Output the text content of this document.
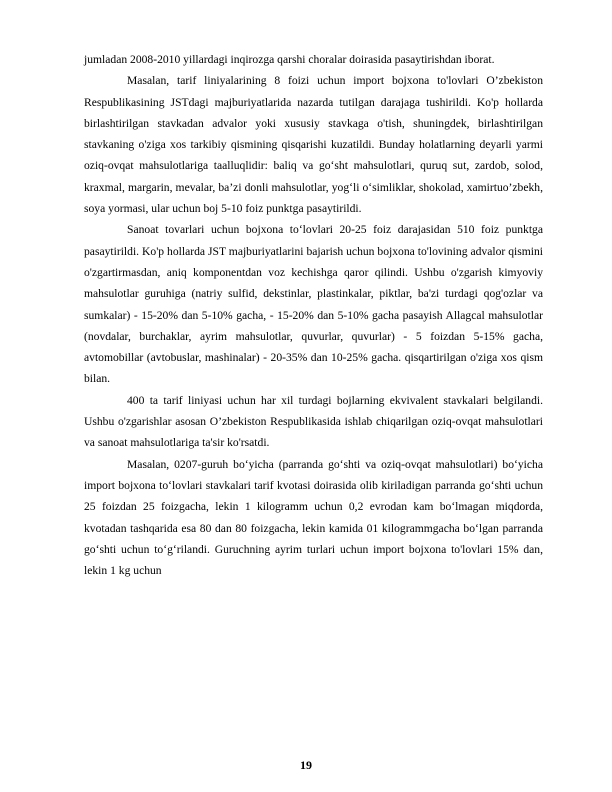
jumladan 2008-2010 yillardagi inqirozga qarshi choralar doirasida pasaytirishdan iborat.

Masalan, tarif liniyalarining 8 foizi uchun import bojxona to'lovlari O’zbekiston Respublikasining JSTdagi majburiyatlarida nazarda tutilgan darajaga tushirildi. Ko'p hollarda birlashtirilgan stavkadan advalor yoki xususiy stavkaga o'tish, shuningdek, birlashtirilgan stavkaning o'ziga xos tarkibiy qismining qisqarishi kuzatildi. Bunday holatlarning deyarli yarmi oziq-ovqat mahsulotlariga taalluqlidir: baliq va go‘sht mahsulotlari, quruq sut, zardob, solod, kraxmal, margarin, mevalar, ba’zi donli mahsulotlar, yog‘li o‘simliklar, shokolad, xamirtuo’zbekh, soya yormasi, ular uchun boj 5-10 foiz punktga pasaytirildi.

Sanoat tovarlari uchun bojxona to‘lovlari 20-25 foiz darajasidan 510 foiz punktga pasaytirildi. Ko'p hollarda JST majburiyatlarini bajarish uchun bojxona to'lovining advalor qismini o'zgartirmasdan, aniq komponentdan voz kechishga qaror qilindi. Ushbu o'zgarish kimyoviy mahsulotlar guruhiga (natriy sulfid, dekstinlar, plastinkalar, piktlar, ba'zi turdagi qog'ozlar va sumkalar) - 15-20% dan 5-10% gacha, - 15-20% dan 5-10% gacha pasayish Allagcal mahsulotlar (novdalar, burchaklar, ayrim mahsulotlar, quvurlar, quvurlar) - 5 foizdan 5-15% gacha, avtomobillar (avtobuslar, mashinalar) - 20-35% dan 10-25% gacha. qisqartirilgan o'ziga xos qism bilan.

400 ta tarif liniyasi uchun har xil turdagi bojlarning ekvivalent stavkalari belgilandi. Ushbu o'zgarishlar asosan O’zbekiston Respublikasida ishlab chiqarilgan oziq-ovqat mahsulotlari va sanoat mahsulotlariga ta'sir ko'rsatdi.

Masalan, 0207-guruh bo‘yicha (parranda go‘shti va oziq-ovqat mahsulotlari) bo‘yicha import bojxona to‘lovlari stavkalari tarif kvotasi doirasida olib kiriladigan parranda go‘shti uchun 25 foizdan 25 foizgacha, lekin 1 kilogramm uchun 0,2 evrodan kam bo‘lmagan miqdorda, kvotadan tashqarida esa 80 dan 80 foizgacha, lekin kamida 01 kilogrammgacha bo‘lgan parranda go‘shti uchun to‘g‘rilandi. Guruchning ayrim turlari uchun import bojxona to'lovlari 15% dan, lekin 1 kg uchun

19
